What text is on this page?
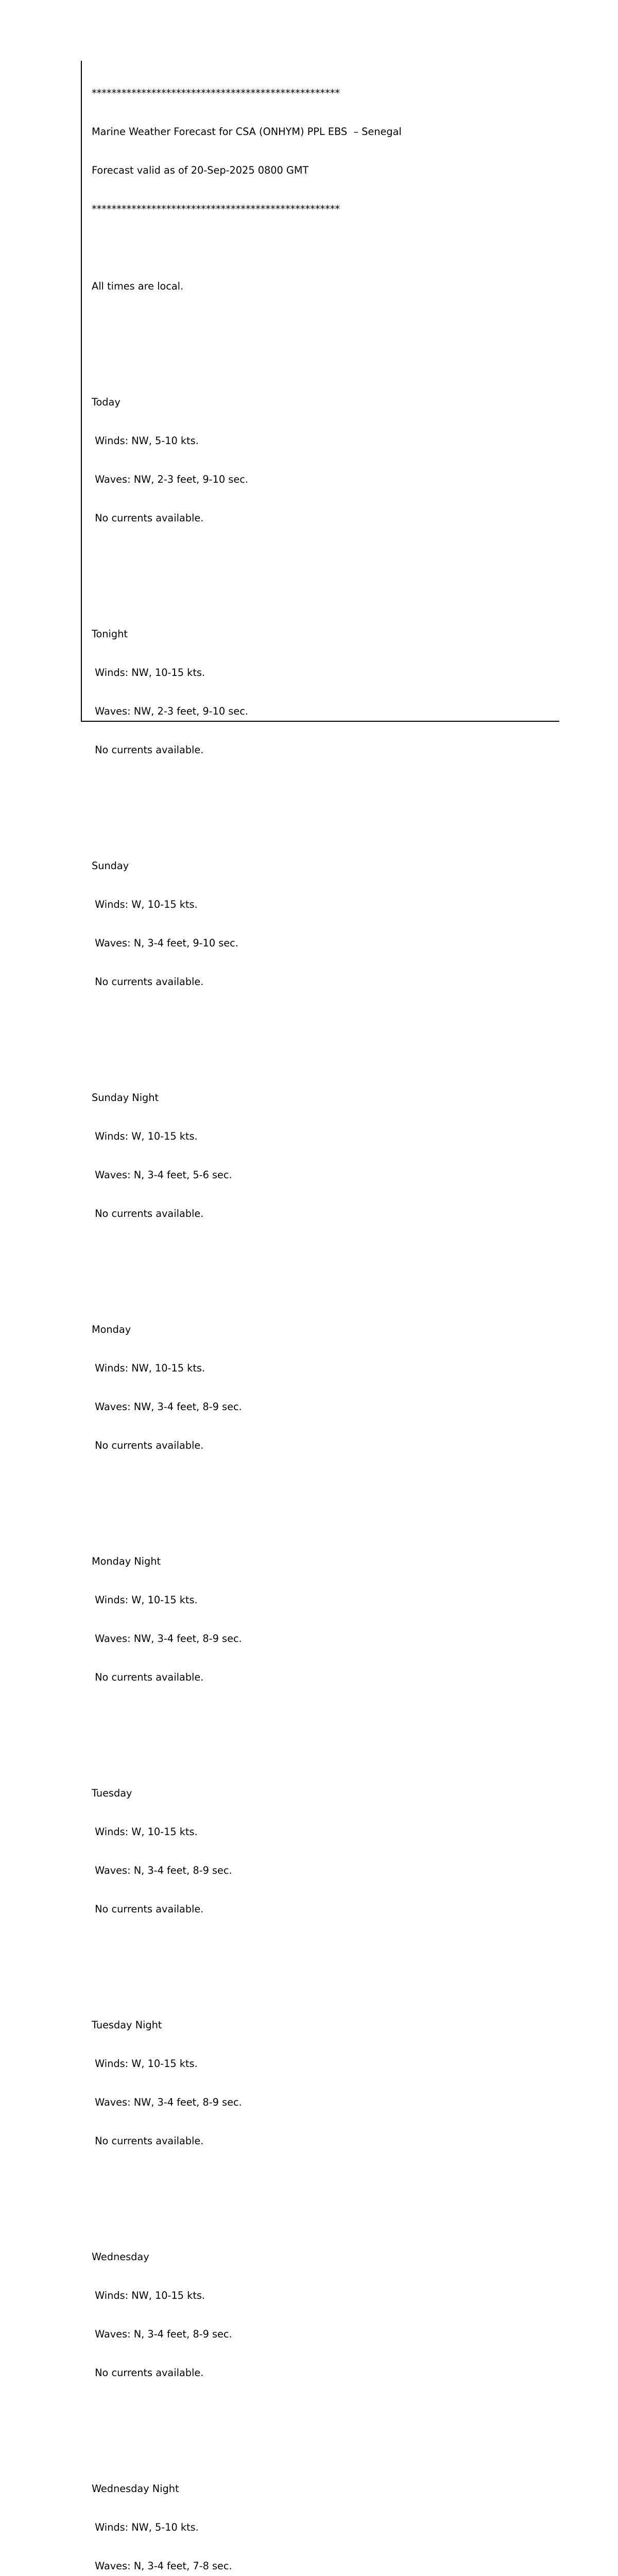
**************************************************

Marine Weather Forecast for CSA (ONHYM) PPL EBS  – Senegal

Forecast valid as of 20-Sep-2025 0800 GMT

**************************************************

All times are local.

Today

Winds: NW, 5-10 kts.

Waves: NW, 2-3 feet, 9-10 sec.

No currents available.

Tonight

Winds: NW, 10-15 kts.

Waves: NW, 2-3 feet, 9-10 sec.

No currents available.

Sunday

Winds: W, 10-15 kts.

Waves: N, 3-4 feet, 9-10 sec.

No currents available.

Sunday Night

Winds: W, 10-15 kts.

Waves: N, 3-4 feet, 5-6 sec.

No currents available.

Monday

Winds: NW, 10-15 kts.

Waves: NW, 3-4 feet, 8-9 sec.

No currents available.

Monday Night

Winds: W, 10-15 kts.

Waves: NW, 3-4 feet, 8-9 sec.

No currents available.

Tuesday

Winds: W, 10-15 kts.

Waves: N, 3-4 feet, 8-9 sec.

No currents available.

Tuesday Night

Winds: W, 10-15 kts.

Waves: NW, 3-4 feet, 8-9 sec.

No currents available.

Wednesday

Winds: NW, 10-15 kts.

Waves: N, 3-4 feet, 8-9 sec.

No currents available.

Wednesday Night

Winds: NW, 5-10 kts.

Waves: N, 3-4 feet, 7-8 sec.
